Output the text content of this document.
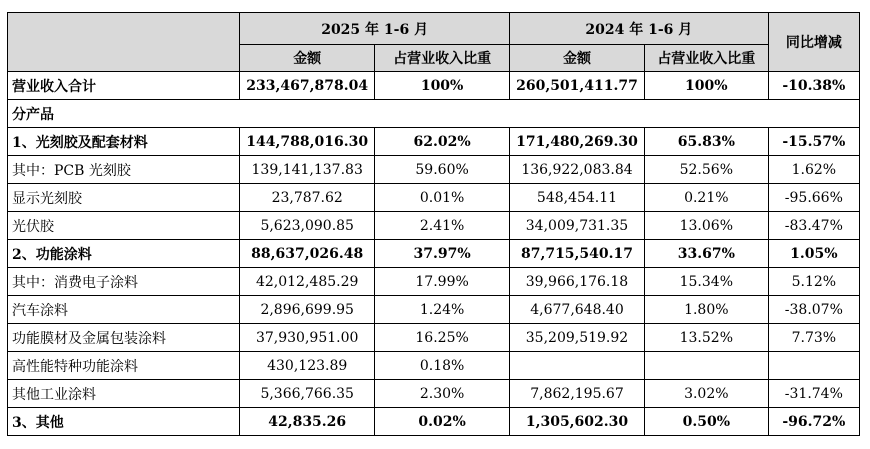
	2025 年 1-6 月		2024 年 1-6 月		同比增减
	金额	占营业收入比重	金额	占营业收入比重	
营业收入合计	233,467,878.04	100%	260,501,411.77	100%	-10.38%
分产品					
1、光刻胶及配套材料	144,788,016.30	62.02%	171,480,269.30	65.83%	-15.57%
其中：PCB 光刻胶	139,141,137.83	59.60%	136,922,083.84	52.56%	1.62%
显示光刻胶	23,787.62	0.01%	548,454.11	0.21%	-95.66%
光伏胶	5,623,090.85	2.41%	34,009,731.35	13.06%	-83.47%
2、功能涂料	88,637,026.48	37.97%	87,715,540.17	33.67%	1.05%
其中：消费电子涂料	42,012,485.29	17.99%	39,966,176.18	15.34%	5.12%
汽车涂料	2,896,699.95	1.24%	4,677,648.40	1.80%	-38.07%
功能膜材及金属包装涂料	37,930,951.00	16.25%	35,209,519.92	13.52%	7.73%
高性能特种功能涂料	430,123.89	0.18%			
其他工业涂料	5,366,766.35	2.30%	7,862,195.67	3.02%	-31.74%
3、其他	42,835.26	0.02%	1,305,602.30	0.50%	-96.72%
